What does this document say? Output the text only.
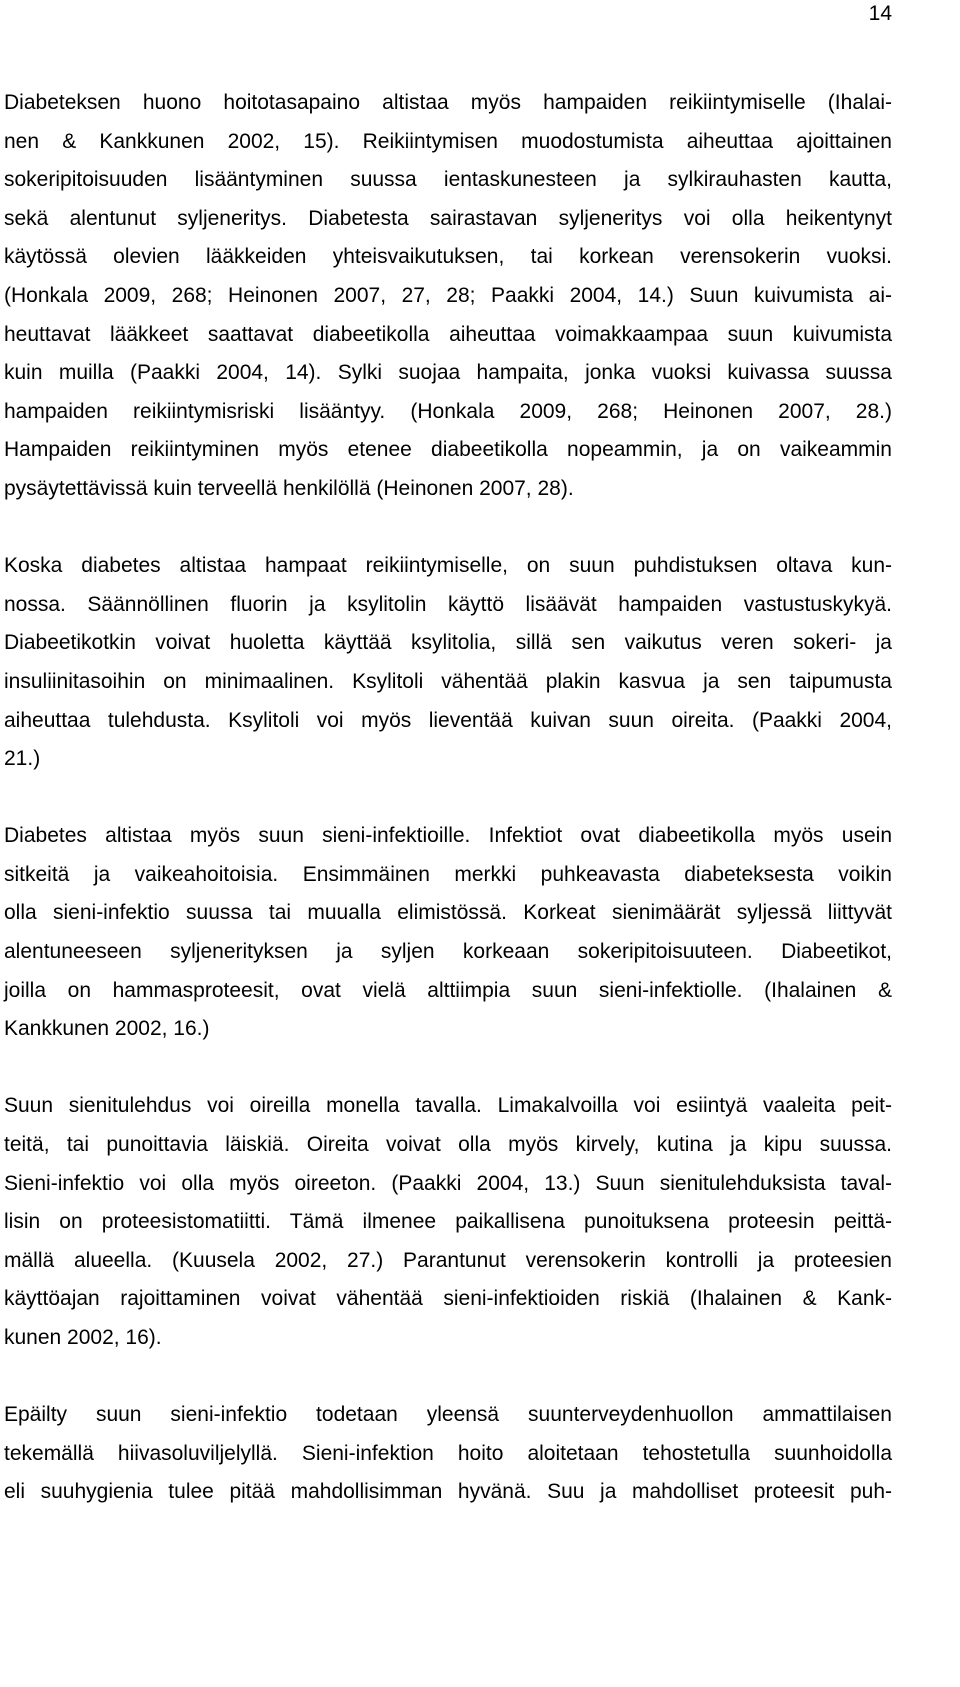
14

Diabeteksen huono hoitotasapaino altistaa myös hampaiden reikiintymiselle (Ihalai-
nen & Kankkunen 2002, 15). Reikiintymisen muodostumista aiheuttaa ajoittainen
sokeripitoisuuden lisääntyminen suussa ientaskunesteen ja sylkirauhasten kautta,
sekä alentunut syljeneritys. Diabetesta sairastavan syljeneritys voi olla heikentynyt
käytössä olevien lääkkeiden yhteisvaikutuksen, tai korkean verensokerin vuoksi.
(Honkala 2009, 268; Heinonen 2007, 27, 28; Paakki 2004, 14.) Suun kuivumista ai-
heuttavat lääkkeet saattavat diabeetikolla aiheuttaa voimakkaampaa suun kuivumista
kuin muilla (Paakki 2004, 14). Sylki suojaa hampaita, jonka vuoksi kuivassa suussa
hampaiden reikiintymisriski lisääntyy. (Honkala 2009, 268; Heinonen 2007, 28.)
Hampaiden reikiintyminen myös etenee diabeetikolla nopeammin, ja on vaikeammin
pysäytettävissä kuin terveellä henkilöllä (Heinonen 2007, 28).

Koska diabetes altistaa hampaat reikiintymiselle, on suun puhdistuksen oltava kun-
nossa. Säännöllinen fluorin ja ksylitolin käyttö lisäävät hampaiden vastustuskykyä.
Diabeetikotkin voivat huoletta käyttää ksylitolia, sillä sen vaikutus veren sokeri- ja
insuliinitasoihin on minimaalinen. Ksylitoli vähentää plakin kasvua ja sen taipumusta
aiheuttaa tulehdusta. Ksylitoli voi myös lieventää kuivan suun oireita. (Paakki 2004,
21.)

Diabetes altistaa myös suun sieni-infektioille. Infektiot ovat diabeetikolla myös usein
sitkeitä ja vaikeahoitoisia. Ensimmäinen merkki puhkeavasta diabeteksesta voikin
olla sieni-infektio suussa tai muualla elimistössä. Korkeat sienimäärät syljessä liittyvät
alentuneeseen syljenerityksen ja syljen korkeaan sokeripitoisuuteen. Diabeetikot,
joilla on hammasproteesit, ovat vielä alttiimpia suun sieni-infektiolle. (Ihalainen &
Kankkunen 2002, 16.)

Suun sienitulehdus voi oireilla monella tavalla. Limakalvoilla voi esiintyä vaaleita peit-
teitä, tai punoittavia läiskiä. Oireita voivat olla myös kirvely, kutina ja kipu suussa.
Sieni-infektio voi olla myös oireeton. (Paakki 2004, 13.) Suun sienitulehduksista taval-
lisin on proteesistomatiitti. Tämä ilmenee paikallisena punoituksena proteesin peittä-
mällä alueella. (Kuusela 2002, 27.) Parantunut verensokerin kontrolli ja proteesien
käyttöajan rajoittaminen voivat vähentää sieni-infektioiden riskiä (Ihalainen & Kank-
kunen 2002, 16).

Epäilty suun sieni-infektio todetaan yleensä suunterveydenhuollon ammattilaisen
tekemällä hiivasoluviljelyllä. Sieni-infektion hoito aloitetaan tehostetulla suunhoidolla
eli suuhygienia tulee pitää mahdollisimman hyvänä. Suu ja mahdolliset proteesit puh-
